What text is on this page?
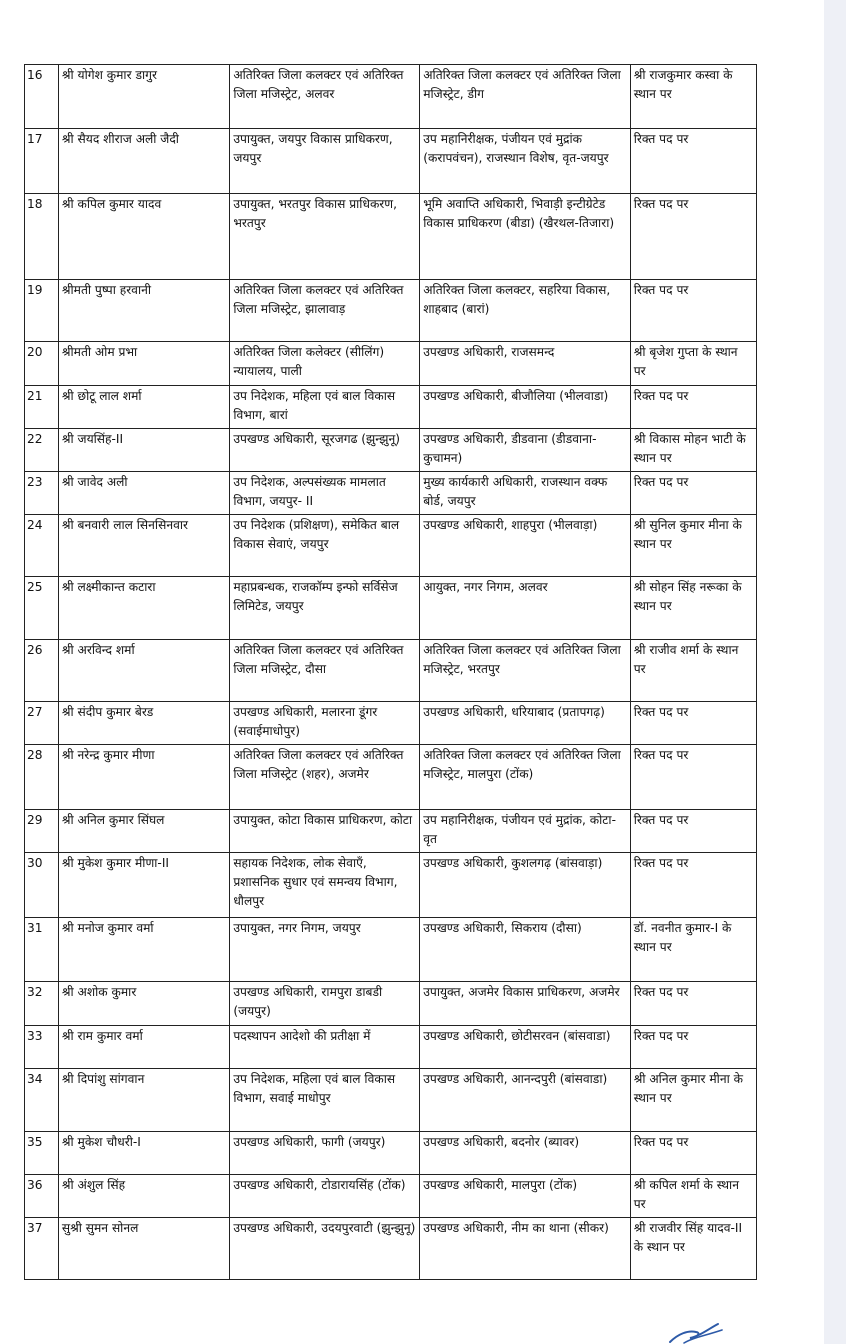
16	श्री योगेश कुमार डागुर	अतिरिक्त जिला कलक्टर एवं अतिरिक्त जिला मजिस्ट्रेट, अलवर	अतिरिक्त जिला कलक्टर एवं अतिरिक्त जिला मजिस्ट्रेट, डीग	श्री राजकुमार कस्वा के स्थान पर
17	श्री सैयद शीराज अली जैदी	उपायुक्त, जयपुर विकास प्राधिकरण, जयपुर	उप महानिरीक्षक, पंजीयन एवं मुद्रांक (करापवंचन), राजस्थान विशेष, वृत-जयपुर	रिक्त पद पर
18	श्री कपिल कुमार यादव	उपायुक्त, भरतपुर विकास प्राधिकरण, भरतपुर	भूमि अवाप्ति अधिकारी, भिवाड़ी इन्टीग्रेटेड विकास प्राधिकरण (बीडा) (खैरथल-तिजारा)	रिक्त पद पर
19	श्रीमती पुष्पा हरवानी	अतिरिक्त जिला कलक्टर एवं अतिरिक्त जिला मजिस्ट्रेट, झालावाड़	अतिरिक्त जिला कलक्टर, सहरिया विकास, शाहबाद (बारां)	रिक्त पद पर
20	श्रीमती ओम प्रभा	अतिरिक्त जिला कलेक्टर (सीलिंग) न्यायालय, पाली	उपखण्ड अधिकारी, राजसमन्द	श्री बृजेश गुप्ता के स्थान पर
21	श्री छोटू लाल शर्मा	उप निदेशक, महिला एवं बाल विकास विभाग, बारां	उपखण्ड अधिकारी, बीजौलिया (भीलवाडा)	रिक्त पद पर
22	श्री जयसिंह-II	उपखण्ड अधिकारी, सूरजगढ (झुन्झुनू)	उपखण्ड अधिकारी, डीडवाना (डीडवाना-कुचामन)	श्री विकास मोहन भाटी के स्थान पर
23	श्री जावेद अली	उप निदेशक, अल्पसंख्यक मामलात विभाग, जयपुर- II	मुख्य कार्यकारी अधिकारी, राजस्थान वक्फ बोर्ड, जयपुर	रिक्त पद पर
24	श्री बनवारी लाल सिनसिनवार	उप निदेशक (प्रशिक्षण), समेकित बाल विकास सेवाएं, जयपुर	उपखण्ड अधिकारी, शाहपुरा (भीलवाड़ा)	श्री सुनिल कुमार मीना के स्थान पर
25	श्री लक्ष्मीकान्त कटारा	महाप्रबन्धक, राजकॉम्प इन्फो सर्विसेज लिमिटेड, जयपुर	आयुक्त, नगर निगम, अलवर	श्री सोहन सिंह नरूका के स्थान पर
26	श्री अरविन्द शर्मा	अतिरिक्त जिला कलक्टर एवं अतिरिक्त जिला मजिस्ट्रेट, दौसा	अतिरिक्त जिला कलक्टर एवं अतिरिक्त जिला मजिस्ट्रेट, भरतपुर	श्री राजीव शर्मा के स्थान पर
27	श्री संदीप कुमार बेरड	उपखण्ड अधिकारी, मलारना डूंगर (सवाईमाधोपुर)	उपखण्ड अधिकारी, धरियाबाद (प्रतापगढ़)	रिक्त पद पर
28	श्री नरेन्द्र कुमार मीणा	अतिरिक्त जिला कलक्टर एवं अतिरिक्त जिला मजिस्ट्रेट (शहर), अजमेर	अतिरिक्त जिला कलक्टर एवं अतिरिक्त जिला मजिस्ट्रेट, मालपुरा (टोंक)	रिक्त पद पर
29	श्री अनिल कुमार सिंघल	उपायुक्त, कोटा विकास प्राधिकरण, कोटा	उप महानिरीक्षक, पंजीयन एवं मुद्रांक, कोटा-वृत	रिक्त पद पर
30	श्री मुकेश कुमार मीणा-II	सहायक निदेशक, लोक सेवाएँ, प्रशासनिक सुधार एवं समन्वय विभाग, धौलपुर	उपखण्ड अधिकारी, कुशलगढ़ (बांसवाड़ा)	रिक्त पद पर
31	श्री मनोज कुमार वर्मा	उपायुक्त, नगर निगम, जयपुर	उपखण्ड अधिकारी, सिकराय (दौसा)	डॉ. नवनीत कुमार-I के स्थान पर
32	श्री अशोक कुमार	उपखण्ड अधिकारी, रामपुरा डाबडी (जयपुर)	उपायुक्त, अजमेर विकास प्राधिकरण, अजमेर	रिक्त पद पर
33	श्री राम कुमार वर्मा	पदस्थापन आदेशो की प्रतीक्षा में	उपखण्ड अधिकारी, छोटीसरवन (बांसवाडा)	रिक्त पद पर
34	श्री दिपांशु सांगवान	उप निदेशक, महिला एवं बाल विकास विभाग, सवाई माधोपुर	उपखण्ड अधिकारी, आनन्दपुरी (बांसवाडा)	श्री अनिल कुमार मीना के स्थान पर
35	श्री मुकेश चौधरी-I	उपखण्ड अधिकारी, फागी (जयपुर)	उपखण्ड अधिकारी, बदनोर (ब्यावर)	रिक्त पद पर
36	श्री अंशुल सिंह	उपखण्ड अधिकारी, टोडारायसिंह (टोंक)	उपखण्ड अधिकारी, मालपुरा (टोंक)	श्री कपिल शर्मा के स्थान पर
37	सुश्री सुमन सोनल	उपखण्ड अधिकारी, उदयपुरवाटी (झुन्झुनू)	उपखण्ड अधिकारी, नीम का थाना (सीकर)	श्री राजवीर सिंह यादव-II के स्थान पर
